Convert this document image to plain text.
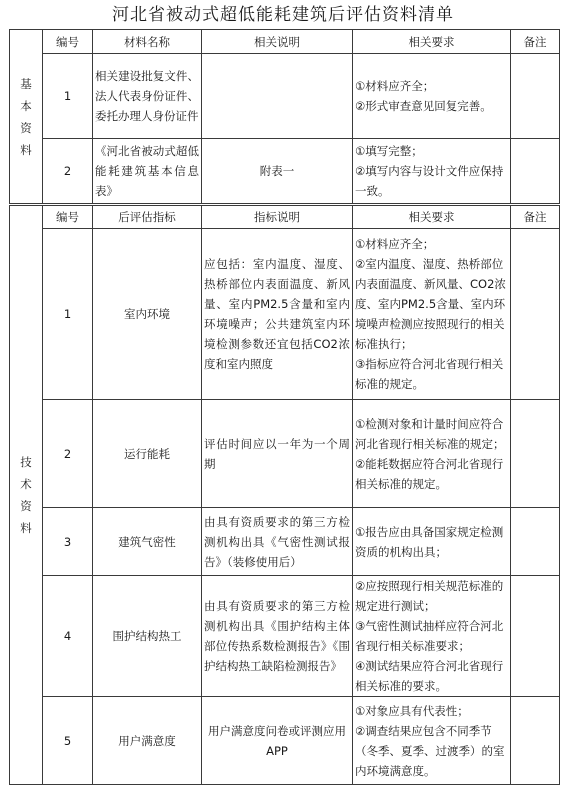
河北省被动式超低能耗建筑后评估资料清单
基
本
资
料	编号	材料名称	相关说明	相关要求	备注
	1	相关建设批复文件、法人代表身份证件、委托办理人身份证件		①材料应齐全；
②形式审查意见回复完善。	

	2	《河北省被动式超低能耗建筑基本信息表》	附表一	①填写完整；
②填写内容与设计文件应保持一致。	

技
术
资
料	编号	后评估指标	指标说明	相关要求	备注
	1	室内环境	应包括：室内温度、湿度、热桥部位内表面温度、新风量、室内PM2.5含量和室内环境噪声；公共建筑室内环境检测参数还宜包括CO2浓度和室内照度	①材料应齐全；
②室内温度、湿度、热桥部位内表面温度、新风量、CO2浓度、室内PM2.5含量、室内环境噪声检测应按照现行的相关标准执行；
③指标应符合河北省现行相关标准的规定。	

	2	运行能耗	评估时间应以一年为一个周期	①检测对象和计量时间应符合河北省现行相关标准的规定；
②能耗数据应符合河北省现行相关标准的规定。	

	3	建筑气密性	由具有资质要求的第三方检测机构出具《气密性测试报告》（装修使用后）	①报告应由具备国家规定检测资质的机构出具；	

	4	围护结构热工	由具有资质要求的第三方检测机构出具《围护结构主体部位传热系数检测报告》《围护结构热工缺陷检测报告》	②应按照现行相关规范标准的规定进行测试；
③气密性测试抽样应符合河北省现行相关标准要求；
④测试结果应符合河北省现行相关标准的要求。	

	5	用户满意度	用户满意度问卷或评测应用 APP	①对象应具有代表性；
②调查结果应包含不同季节（冬季、夏季、过渡季）的室内环境满意度。	
